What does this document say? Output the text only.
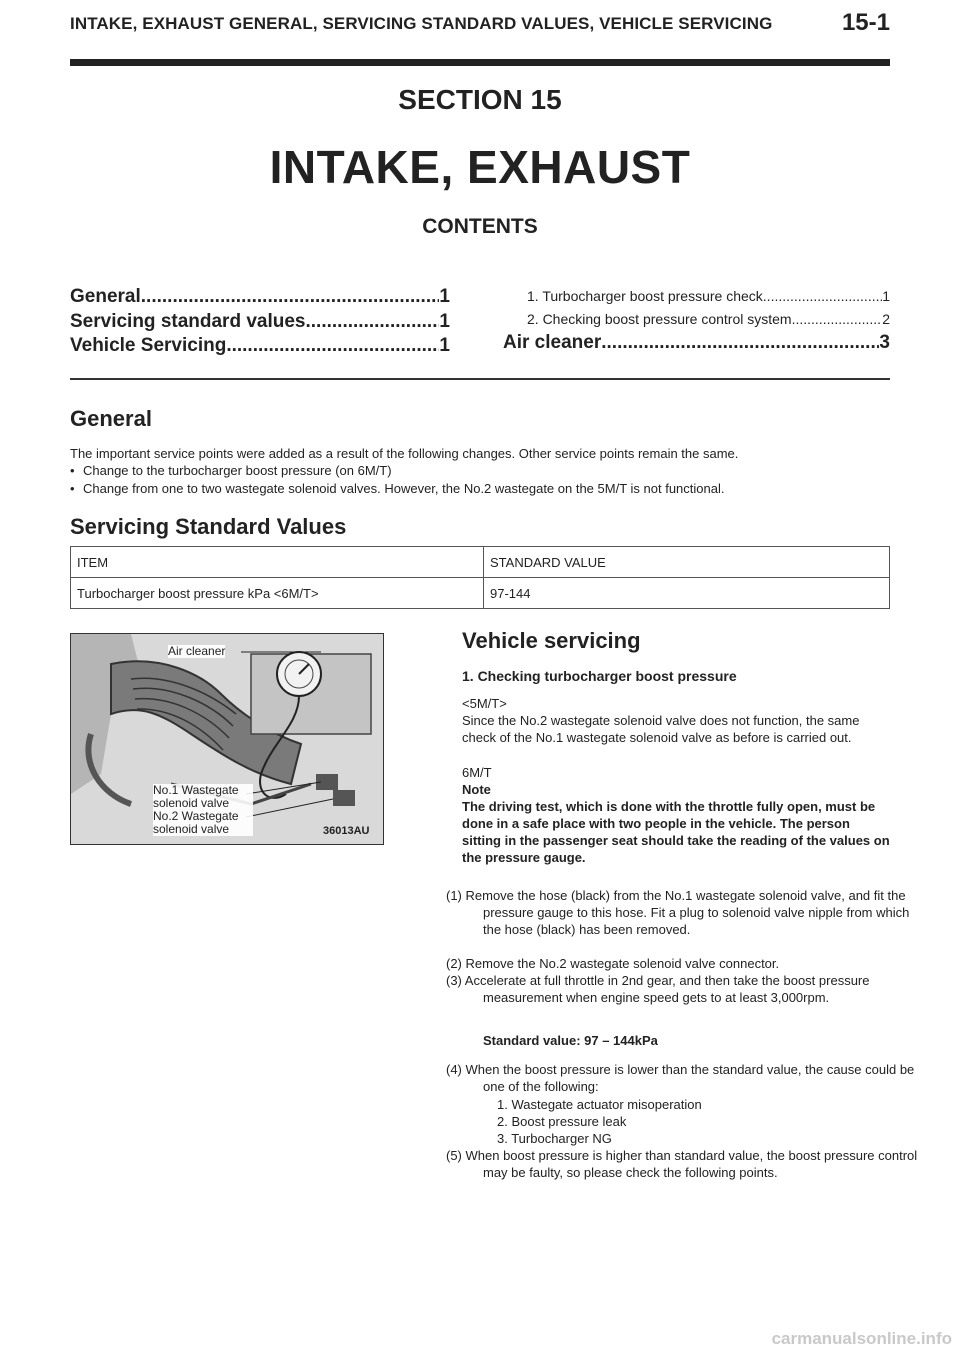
INTAKE, EXHAUST GENERAL, SERVICING STANDARD VALUES, VEHICLE SERVICING	15-1
SECTION 15
INTAKE, EXHAUST
CONTENTS
General .....	1
Servicing standard values .....	1
Vehicle Servicing .....	1
1. Turbocharger boost pressure check .....	1
2. Checking boost pressure control system .....	2
Air cleaner .....	3
General

The important service points were added as a result of the following changes. Other service points remain the same.

• Change to the turbocharger boost pressure (on 6M/T)
• Change from one to two wastegate solenoid valves. However, the No.2 wastegate on the 5M/T is not functional.
Servicing Standard Values
ITEM	STANDARD VALUE
Turbocharger boost pressure kPa <6M/T>	97-144
Air cleaner
No.1 Wastegate solenoid valve
No.2 Wastegate solenoid valve	36013AU
Vehicle servicing

1. Checking turbocharger boost pressure

<5M/T>

Since the No.2 wastegate solenoid valve does not function, the same check of the No.1 wastegate solenoid valve as before is carried out.

6M/T

Note

The driving test, which is done with the throttle fully open, must be done in a safe place with two people in the vehicle. The person sitting in the passenger seat should take the reading of the values on the pressure gauge.

(1) Remove the hose (black) from the No.1 wastegate solenoid valve, and fit the pressure gauge to this hose. Fit a plug to solenoid valve nipple from which the hose (black) has been removed.

(2) Remove the No.2 wastegate solenoid valve connector.

(3) Accelerate at full throttle in 2nd gear, and then take the boost pressure measurement when engine speed gets to at least 3,000rpm.

Standard value: 97 – 144kPa

(4) When the boost pressure is lower than the standard value, the cause could be one of the following:

1. Wastegate actuator misoperation
2. Boost pressure leak
3. Turbocharger NG

(5) When boost pressure is higher than standard value, the boost pressure control may be faulty, so please check the following points.

carmanualsonline.info
